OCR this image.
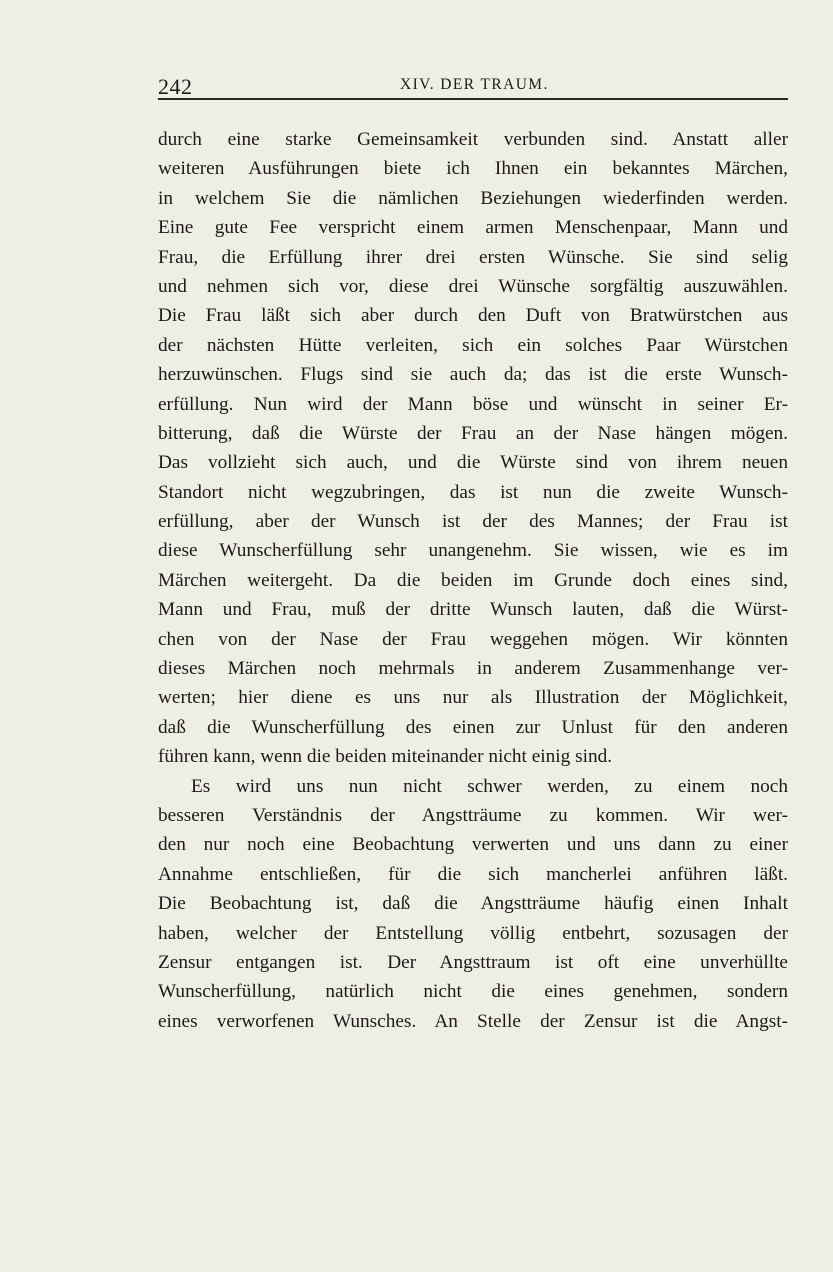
242	XIV. DER TRAUM.
durch eine starke Gemeinsamkeit verbunden sind. Anstatt aller
weiteren Ausführungen biete ich Ihnen ein bekanntes Märchen,
in welchem Sie die nämlichen Beziehungen wiederfinden werden.
Eine gute Fee verspricht einem armen Menschenpaar, Mann und
Frau, die Erfüllung ihrer drei ersten Wünsche. Sie sind selig
und nehmen sich vor, diese drei Wünsche sorgfältig auszuwählen.
Die Frau läßt sich aber durch den Duft von Bratwürstchen aus
der nächsten Hütte verleiten, sich ein solches Paar Würstchen
herzuwünschen. Flugs sind sie auch da; das ist die erste Wunsch-
erfüllung. Nun wird der Mann böse und wünscht in seiner Er-
bitterung, daß die Würste der Frau an der Nase hängen mögen.
Das vollzieht sich auch, und die Würste sind von ihrem neuen
Standort nicht wegzubringen, das ist nun die zweite Wunsch-
erfüllung, aber der Wunsch ist der des Mannes; der Frau ist
diese Wunscherfüllung sehr unangenehm. Sie wissen, wie es im
Märchen weitergeht. Da die beiden im Grunde doch eines sind,
Mann und Frau, muß der dritte Wunsch lauten, daß die Würst-
chen von der Nase der Frau weggehen mögen. Wir könnten
dieses Märchen noch mehrmals in anderem Zusammenhange ver-
werten; hier diene es uns nur als Illustration der Möglichkeit,
daß die Wunscherfüllung des einen zur Unlust für den anderen
führen kann, wenn die beiden miteinander nicht einig sind.
Es wird uns nun nicht schwer werden, zu einem noch
besseren Verständnis der Angstträume zu kommen. Wir wer-
den nur noch eine Beobachtung verwerten und uns dann zu einer
Annahme entschließen, für die sich mancherlei anführen läßt.
Die Beobachtung ist, daß die Angstträume häufig einen Inhalt
haben, welcher der Entstellung völlig entbehrt, sozusagen der
Zensur entgangen ist. Der Angsttraum ist oft eine unverhüllte
Wunscherfüllung, natürlich nicht die eines genehmen, sondern
eines verworfenen Wunsches. An Stelle der Zensur ist die Angst-
